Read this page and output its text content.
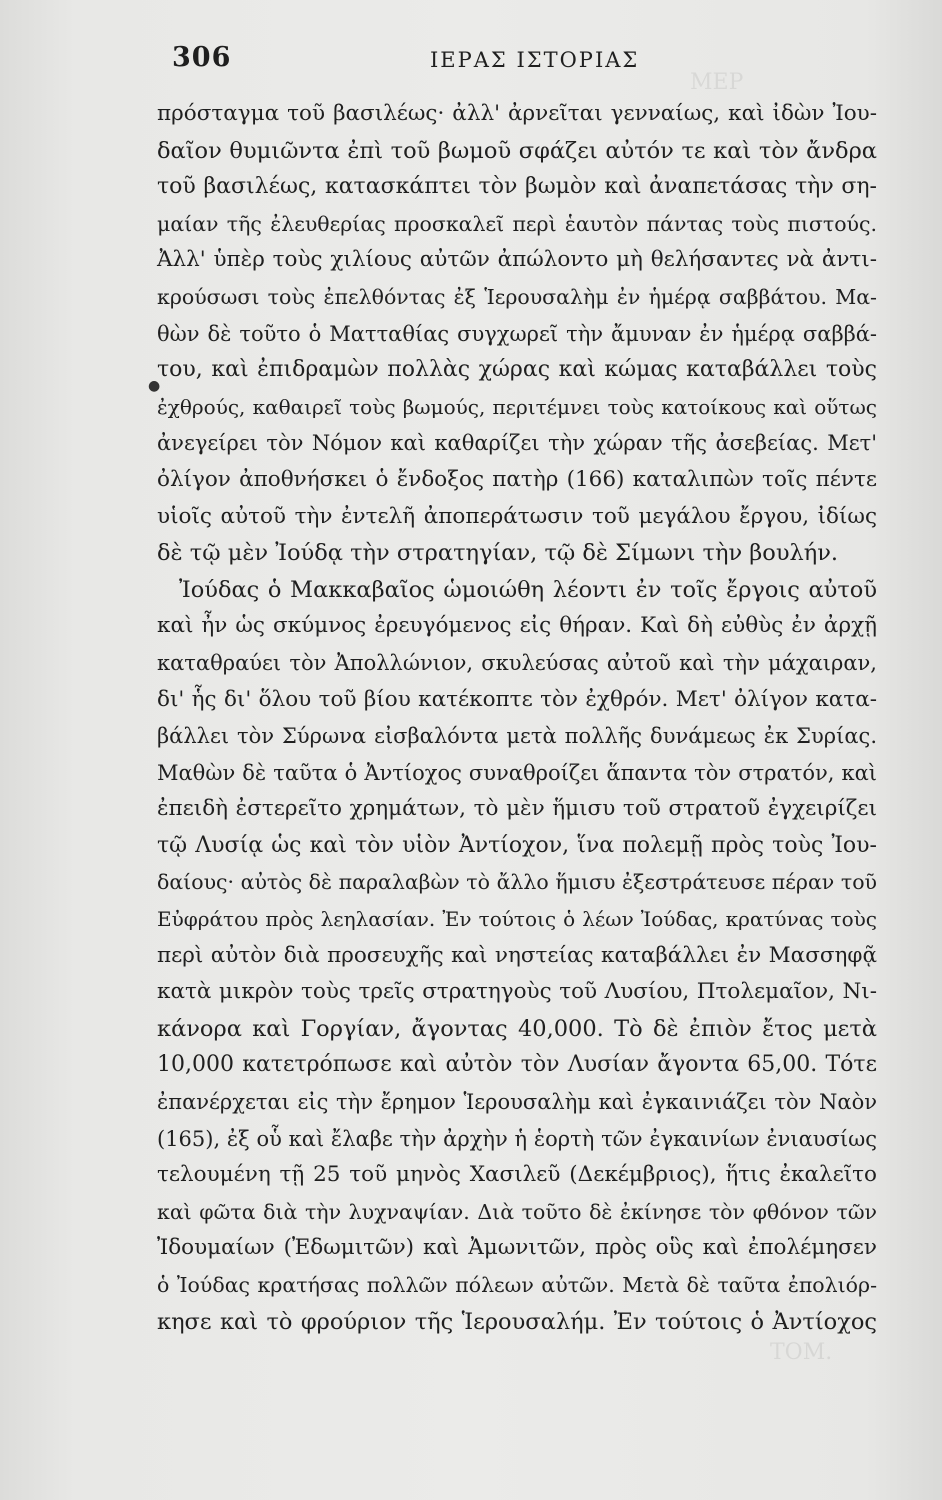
ΜΕΡ
ΤΟΜ.
306	ΙΕΡΑΣ ΙΣΤΟΡΙΑΣ
●
πρόσταγμα τοῦ βασιλέως· ἀλλ' ἀρνεῖται γενναίως, καὶ ἰδὼν Ἰου-
δαῖον θυμιῶντα ἐπὶ τοῦ βωμοῦ σφάζει αὐτόν τε καὶ τὸν ἄνδρα
τοῦ βασιλέως, κατασκάπτει τὸν βωμὸν καὶ ἀναπετάσας τὴν ση-
μαίαν τῆς ἐλευθερίας προσκαλεῖ περὶ ἑαυτὸν πάντας τοὺς πιστούς.
Ἀλλ' ὑπὲρ τοὺς χιλίους αὐτῶν ἀπώλοντο μὴ θελήσαντες νὰ ἀντι-
κρούσωσι τοὺς ἐπελθόντας ἐξ Ἱερουσαλὴμ ἐν ἡμέρᾳ σαββάτου. Μα-
θὼν δὲ τοῦτο ὁ Ματταθίας συγχωρεῖ τὴν ἄμυναν ἐν ἡμέρᾳ σαββά-
του, καὶ ἐπιδραμὼν πολλὰς χώρας καὶ κώμας καταβάλλει τοὺς
ἐχθρούς, καθαιρεῖ τοὺς βωμούς, περιτέμνει τοὺς κατοίκους καὶ οὕτως
ἀνεγείρει τὸν Νόμον καὶ καθαρίζει τὴν χώραν τῆς ἀσεβείας. Μετ'
ὀλίγον ἀποθνήσκει ὁ ἔνδοξος πατὴρ (166) καταλιπὼν τοῖς πέντε
υἱοῖς αὐτοῦ τὴν ἐντελῆ ἀποπεράτωσιν τοῦ μεγάλου ἔργου, ἰδίως
δὲ τῷ μὲν Ἰούδᾳ τὴν στρατηγίαν, τῷ δὲ Σίμωνι τὴν βουλήν.
Ἰούδας ὁ Μακκαβαῖος ὡμοιώθη λέοντι ἐν τοῖς ἔργοις αὐτοῦ
καὶ ἦν ὡς σκύμνος ἐρευγόμενος εἰς θήραν. Καὶ δὴ εὐθὺς ἐν ἀρχῇ
καταθραύει τὸν Ἀπολλώνιον, σκυλεύσας αὐτοῦ καὶ τὴν μάχαιραν,
δι' ἧς δι' ὅλου τοῦ βίου κατέκοπτε τὸν ἐχθρόν. Μετ' ὀλίγον κατα-
βάλλει τὸν Σύρωνα εἰσβαλόντα μετὰ πολλῆς δυνάμεως ἐκ Συρίας.
Μαθὼν δὲ ταῦτα ὁ Ἀντίοχος συναθροίζει ἅπαντα τὸν στρατόν, καὶ
ἐπειδὴ ἐστερεῖτο χρημάτων, τὸ μὲν ἥμισυ τοῦ στρατοῦ ἐγχειρίζει
τῷ Λυσίᾳ ὡς καὶ τὸν υἱὸν Ἀντίοχον, ἵνα πολεμῇ πρὸς τοὺς Ἰου-
δαίους· αὐτὸς δὲ παραλαβὼν τὸ ἄλλο ἥμισυ ἐξεστράτευσε πέραν τοῦ
Εὐφράτου πρὸς λεηλασίαν. Ἐν τούτοις ὁ λέων Ἰούδας, κρατύνας τοὺς
περὶ αὐτὸν διὰ προσευχῆς καὶ νηστείας καταβάλλει ἐν Μασσηφᾷ
κατὰ μικρὸν τοὺς τρεῖς στρατηγοὺς τοῦ Λυσίου, Πτολεμαῖον, Νι-
κάνορα καὶ Γοργίαν, ἄγοντας 40,000. Τὸ δὲ ἐπιὸν ἔτος μετὰ
10,000 κατετρόπωσε καὶ αὐτὸν τὸν Λυσίαν ἄγοντα 65,00. Τότε
ἐπανέρχεται εἰς τὴν ἔρημον Ἱερουσαλὴμ καὶ ἐγκαινιάζει τὸν Ναὸν
(165), ἐξ οὗ καὶ ἔλαβε τὴν ἀρχὴν ἡ ἑορτὴ τῶν ἐγκαινίων ἐνιαυσίως
τελουμένη τῇ 25 τοῦ μηνὸς Χασιλεῦ (Δεκέμβριος), ἥτις ἐκαλεῖτο
καὶ φῶτα διὰ τὴν λυχναψίαν. Διὰ τοῦτο δὲ ἐκίνησε τὸν φθόνον τῶν
Ἰδουμαίων (Ἐδωμιτῶν) καὶ Ἀμωνιτῶν, πρὸς οὓς καὶ ἐπολέμησεν
ὁ Ἰούδας κρατήσας πολλῶν πόλεων αὐτῶν. Μετὰ δὲ ταῦτα ἐπολιόρ-
κησε καὶ τὸ φρούριον τῆς Ἱερουσαλήμ. Ἐν τούτοις ὁ Ἀντίοχος
